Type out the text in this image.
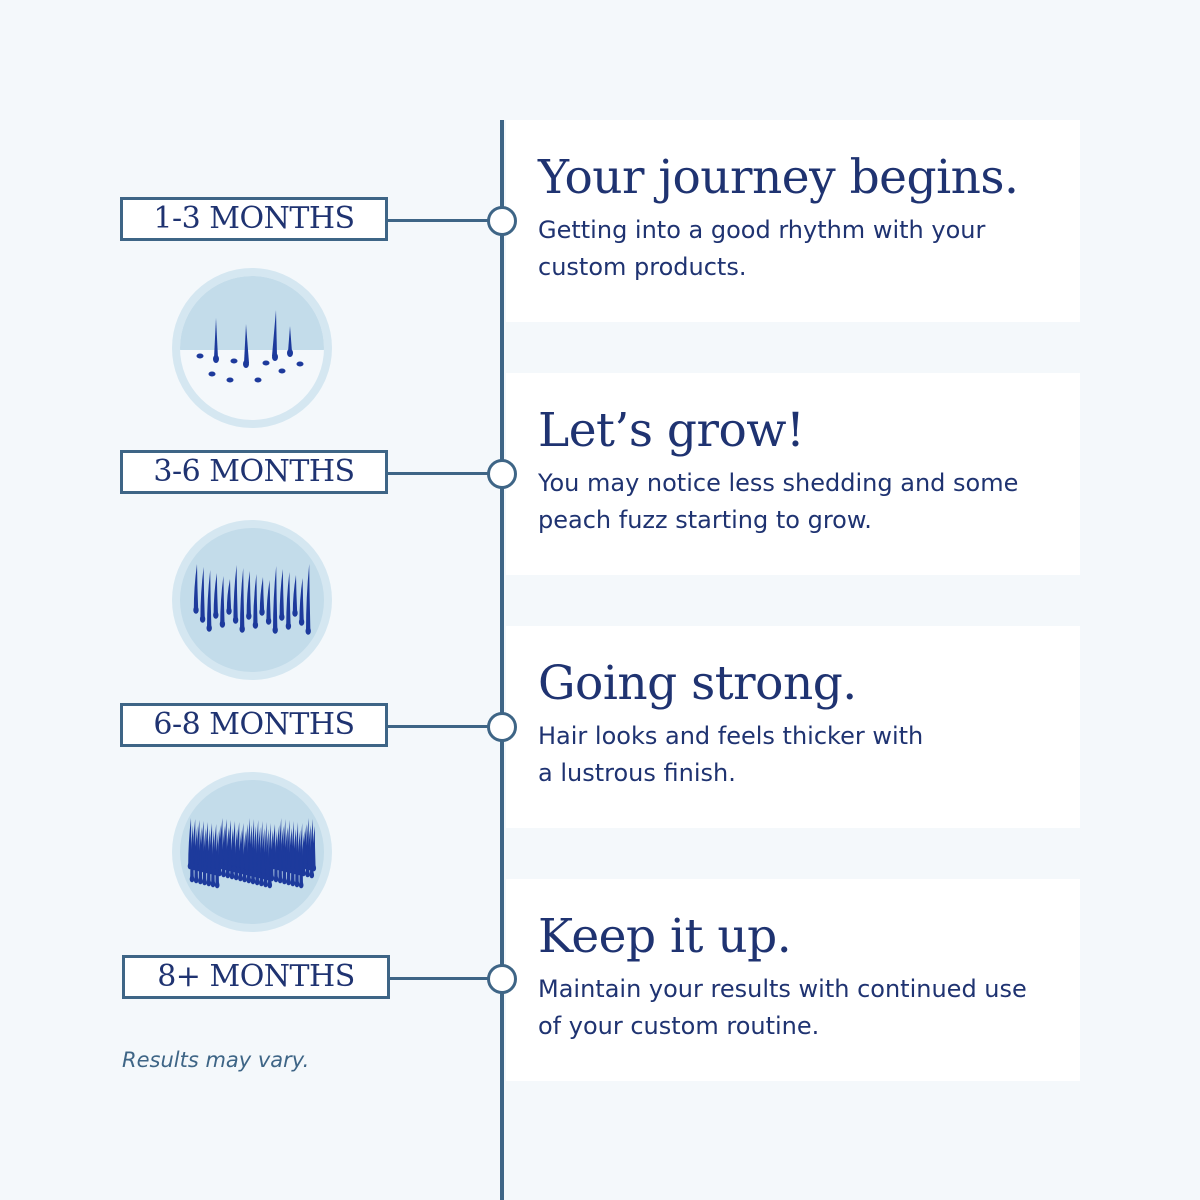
Your journey begins.
Getting into a good rhythm with your
custom products.
1-3 MONTHS
Let’s grow!
You may notice less shedding and some
peach fuzz starting to grow.
3-6 MONTHS
Going strong.
Hair looks and feels thicker with
a lustrous finish.
6-8 MONTHS
Keep it up.
Maintain your results with continued use
of your custom routine.
8+ MONTHS
Results may vary.
